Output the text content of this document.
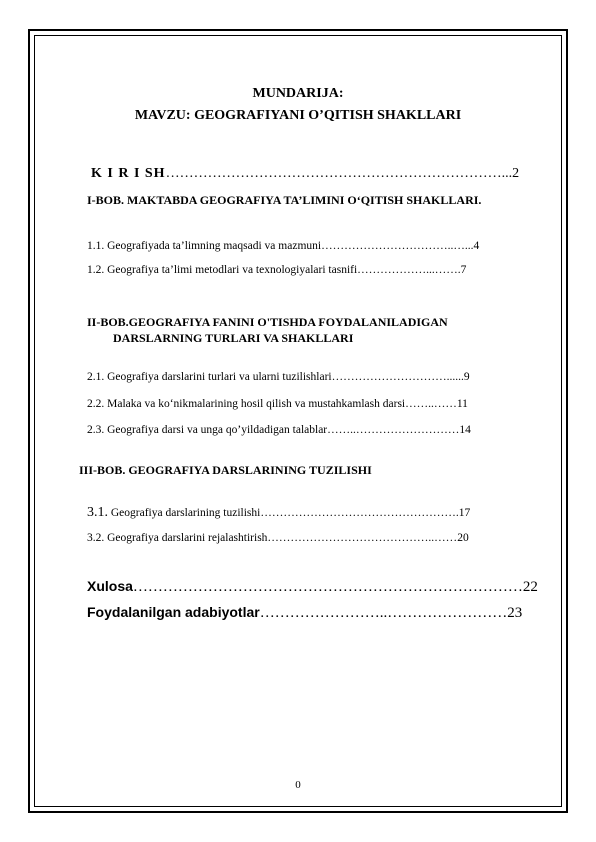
MUNDARIJA:
MAVZU: GEOGRAFIYANI O’QITISH SHAKLLARI
K I R I SH………………………………………………………………...2
I-BOB. MAKTABDA GEOGRAFIYA TA’LIMINI O‘QITISH SHAKLLARI.
1.1. Geografiyada ta’limning maqsadi va mazmuni……………………………..…...4
1.2. Geografiya ta’limi metodlari va texnologiyalari tasnifi………………...…….7
II-BOB.GEOGRAFIYA FANINI O'TISHDA FOYDALANILADIGAN
DARSLARNING TURLARI VA SHAKLLARI
2.1. Geografiya darslarini turlari va ularni tuzilishlari…………………………......9
2.2. Malaka va ko‘nikmalarining hosil qilish va mustahkamlash darsi……..……11
2.3. Geografiya darsi va unga qo’yildadigan talablar……..………………………14
III-BOB. GEOGRAFIYA DARSLARINING TUZILISHI
3.1. Geografiya darslarining tuzilishi…………………………………………….17
3.2. Geografiya darslarini rejalashtirish……………………………………..……20
Xulosa……………………………………………………………………22
Foydalanilgan adabiyotlar……………………..……………………23
0
